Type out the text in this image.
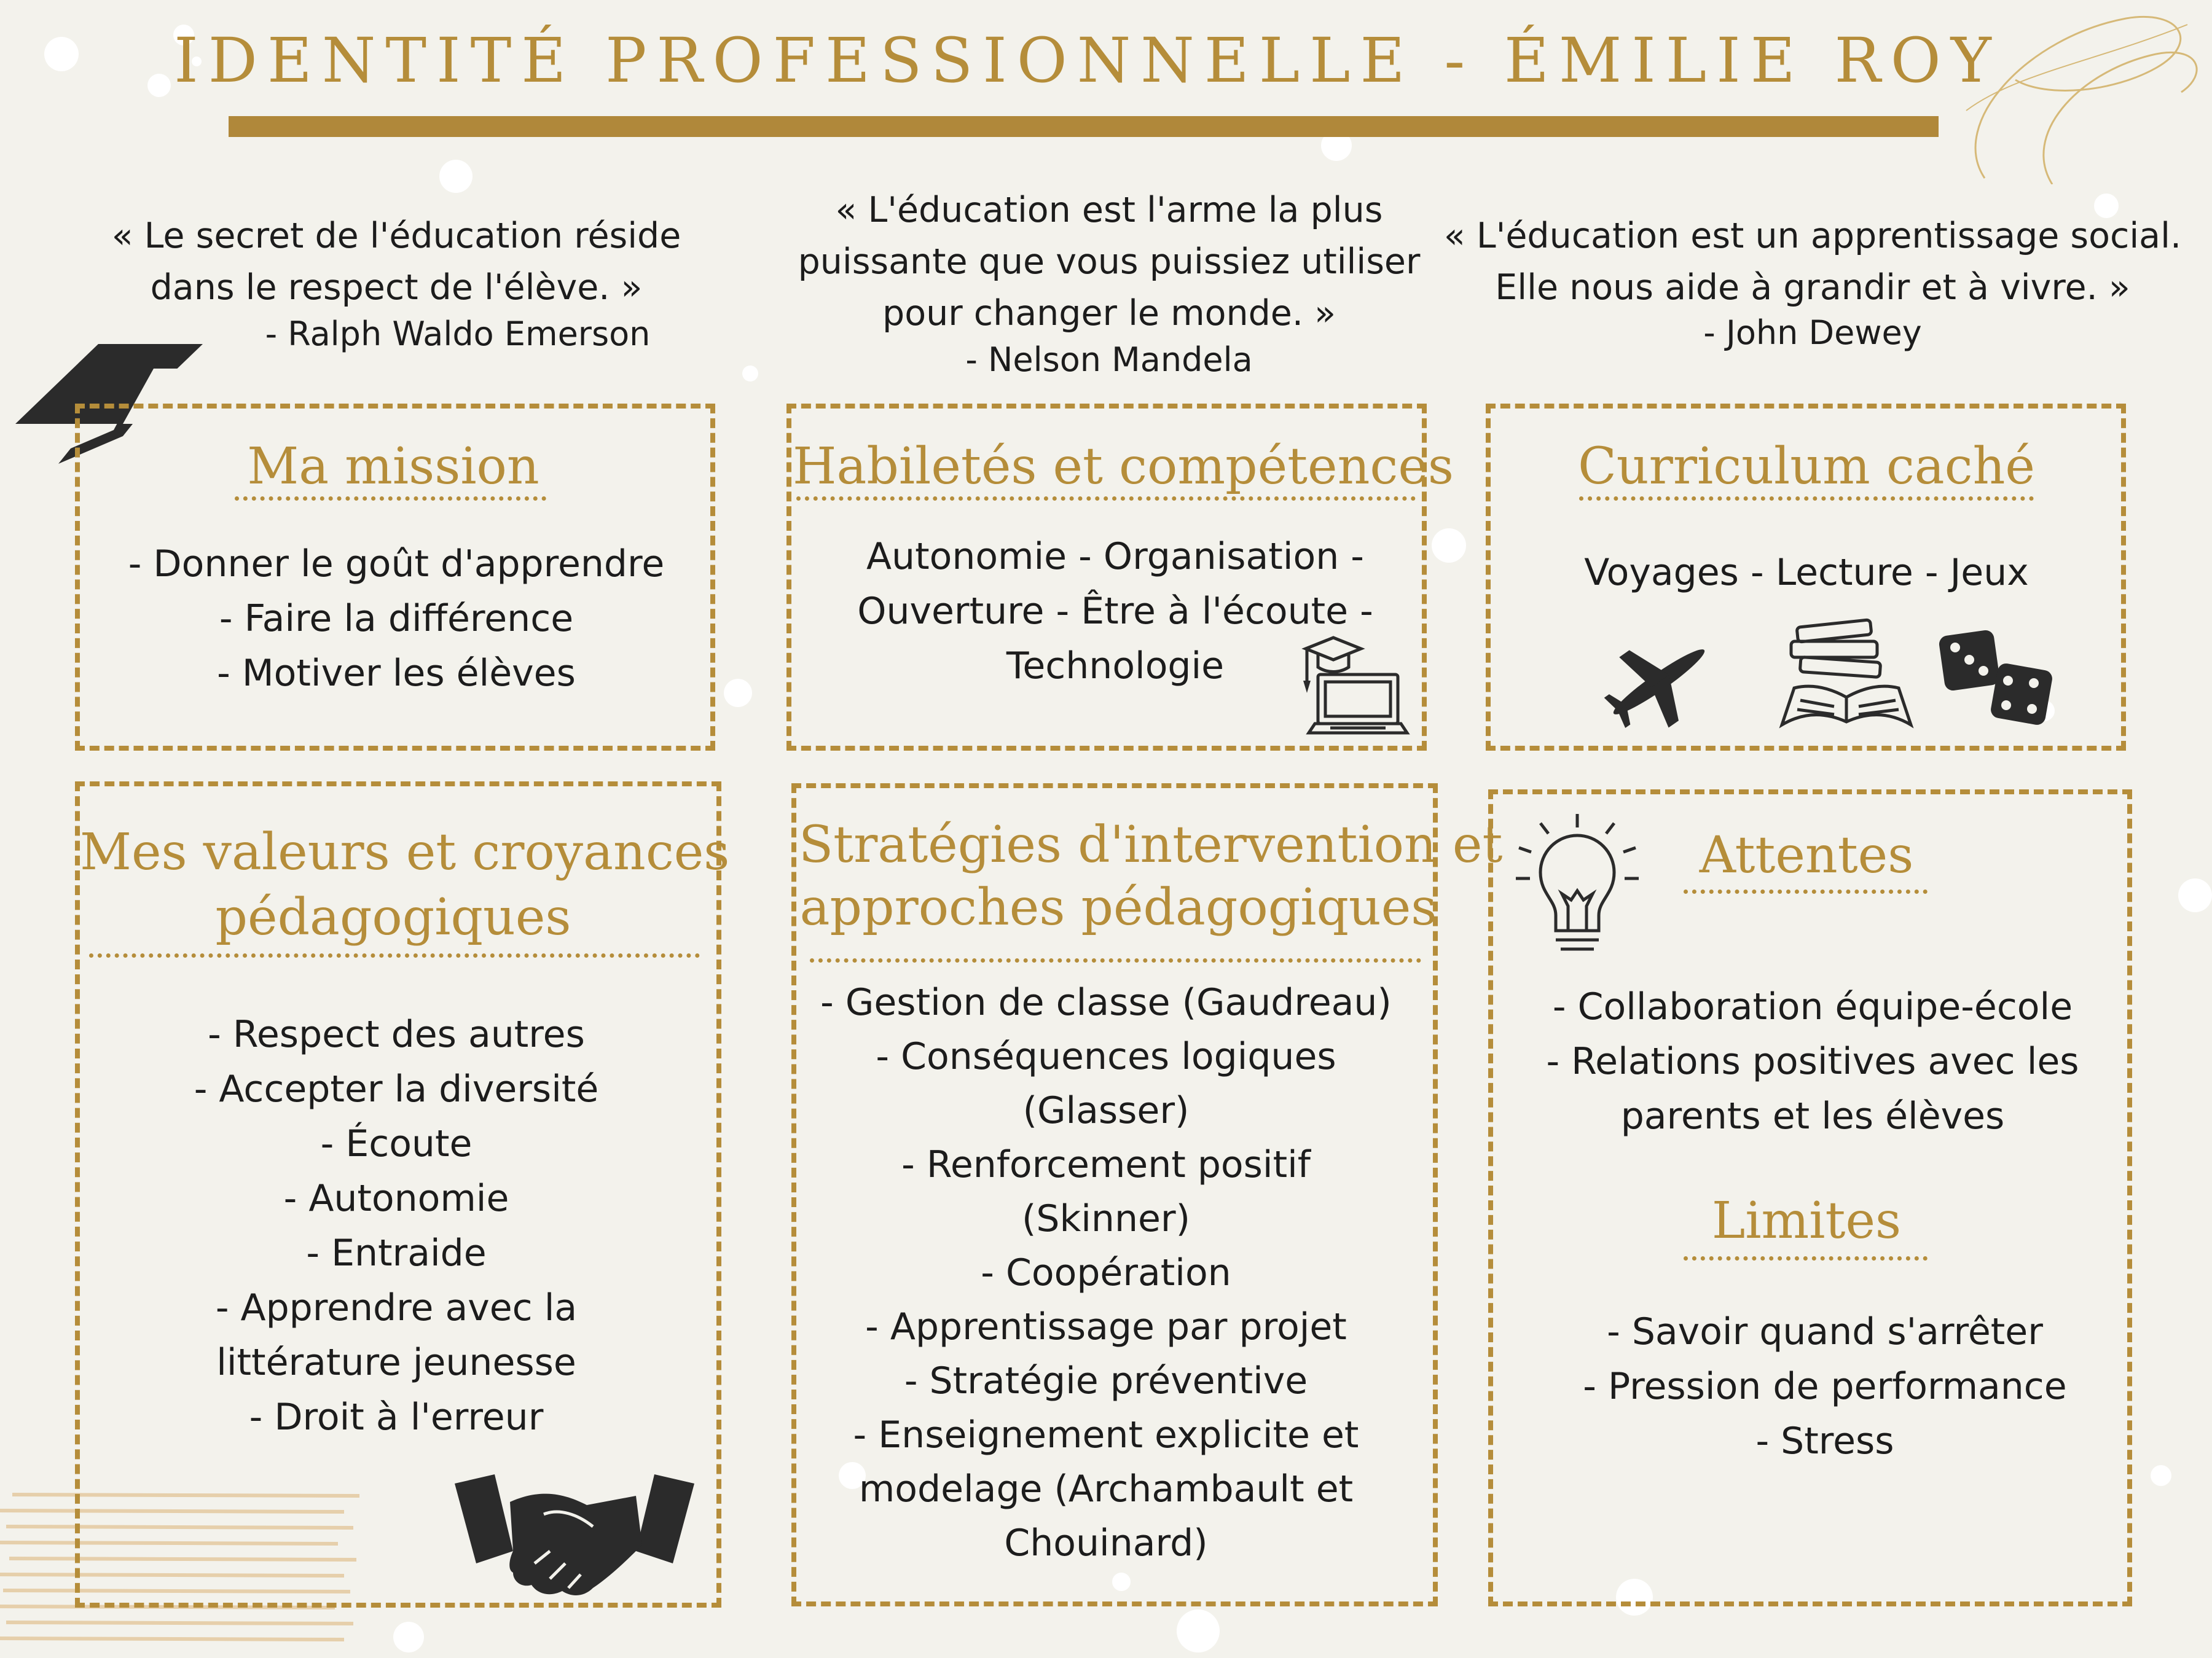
IDENTITÉ PROFESSIONNELLE - ÉMILIE ROY
« Le secret de l'éducation réside
dans le respect de l'élève. »
- Ralph Waldo Emerson
« L'éducation est l'arme la plus
puissante que vous puissiez utiliser
pour changer le monde. »
- Nelson Mandela
« L'éducation est un apprentissage social.
Elle nous aide à grandir et à vivre. »
- John Dewey
Ma mission
- Donner le goût d'apprendre
- Faire la différence
- Motiver les élèves
Habiletés et compétences
Autonomie - Organisation -
Ouverture - Être à l'écoute -
Technologie
Curriculum caché
Voyages - Lecture - Jeux
Mes valeurs et croyances
pédagogiques
- Respect des autres
- Accepter la diversité
- Écoute
- Autonomie
- Entraide
- Apprendre avec la
littérature jeunesse
- Droit à l'erreur
Stratégies d'intervention et
approches pédagogiques
- Gestion de classe (Gaudreau)
- Conséquences logiques
(Glasser)
- Renforcement positif
(Skinner)
- Coopération
- Apprentissage par projet
- Stratégie préventive
- Enseignement explicite et
modelage (Archambault et
Chouinard)
Attentes
- Collaboration équipe-école
- Relations positives avec les
parents et les élèves
Limites
- Savoir quand s'arrêter
- Pression de performance
- Stress
